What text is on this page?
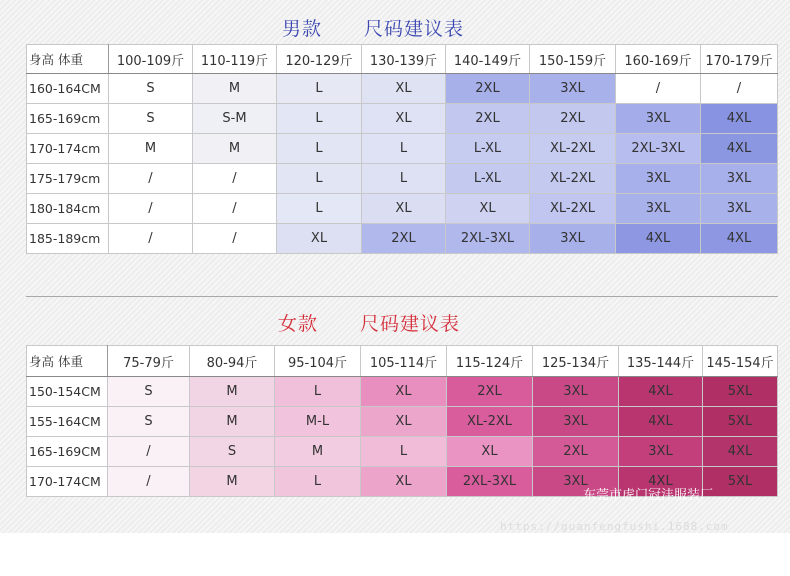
男款 尺码建议表
女款 尺码建议表
身高 体重	100-109斤	110-119斤	120-129斤	130-139斤	140-149斤	150-159斤	160-169斤	170-179斤
160-164CM	S	M	L	XL	2XL	3XL	/	/
165-169cm	S	S-M	L	XL	2XL	2XL	3XL	4XL
170-174cm	M	M	L	L	L-XL	XL-2XL	2XL-3XL	4XL
175-179cm	/	/	L	L	L-XL	XL-2XL	3XL	3XL
180-184cm	/	/	L	XL	XL	XL-2XL	3XL	3XL
185-189cm	/	/	XL	2XL	2XL-3XL	3XL	4XL	4XL
身高 体重	75-79斤	80-94斤	95-104斤	105-114斤	115-124斤	125-134斤	135-144斤	145-154斤
150-154CM	S	M	L	XL	2XL	3XL	4XL	5XL
155-164CM	S	M	M-L	XL	XL-2XL	3XL	4XL	5XL
165-169CM	/	S	M	L	XL	2XL	3XL	4XL
170-174CM	/	M	L	XL	2XL-3XL	3XL	4XL	5XL
东莞市虎门冠沣服装厂
https://guanfengfushi.1688.com
